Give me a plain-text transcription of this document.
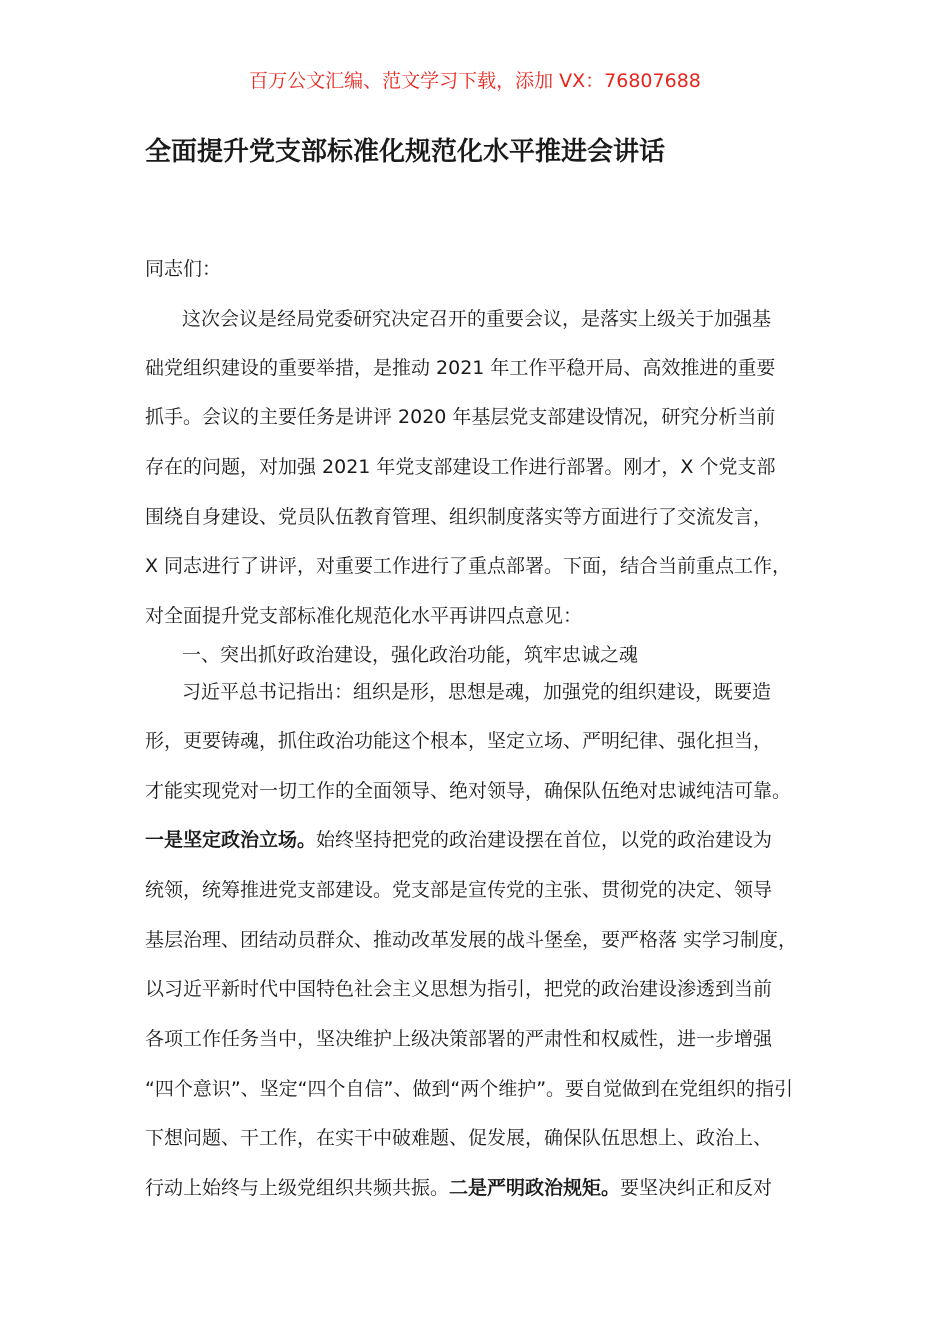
百万公文汇编、范文学习下载，添加 VX：76807688
全面提升党支部标准化规范化水平推进会讲话
同志们：
这次会议是经局党委研究决定召开的重要会议，是落实上级关于加强基
础党组织建设的重要举措，是推动 2021 年工作平稳开局、高效推进的重要
抓手。会议的主要任务是讲评 2020 年基层党支部建设情况，研究分析当前
存在的问题，对加强 2021 年党支部建设工作进行部署。刚才，X 个党支部
围绕自身建设、党员队伍教育管理、组织制度落实等方面进行了交流发言，
X 同志进行了讲评，对重要工作进行了重点部署。下面，结合当前重点工作，
对全面提升党支部标准化规范化水平再讲四点意见：
一、突出抓好政治建设，强化政治功能，筑牢忠诚之魂
习近平总书记指出：组织是形，思想是魂，加强党的组织建设，既要造
形，更要铸魂，抓住政治功能这个根本，坚定立场、严明纪律、强化担当，
才能实现党对一切工作的全面领导、绝对领导，确保队伍绝对忠诚纯洁可靠。
一是坚定政治立场。始终坚持把党的政治建设摆在首位，以党的政治建设为
统领，统筹推进党支部建设。党支部是宣传党的主张、贯彻党的决定、领导
基层治理、团结动员群众、推动改革发展的战斗堡垒，要严格落 实学习制度，
以习近平新时代中国特色社会主义思想为指引，把党的政治建设渗透到当前
各项工作任务当中，坚决维护上级决策部署的严肃性和权威性，进一步增强
“四个意识”、坚定“四个自信”、做到“两个维护”。要自觉做到在党组织的指引
下想问题、干工作，在实干中破难题、促发展，确保队伍思想上、政治上、
行动上始终与上级党组织共频共振。二是严明政治规矩。要坚决纠正和反对
